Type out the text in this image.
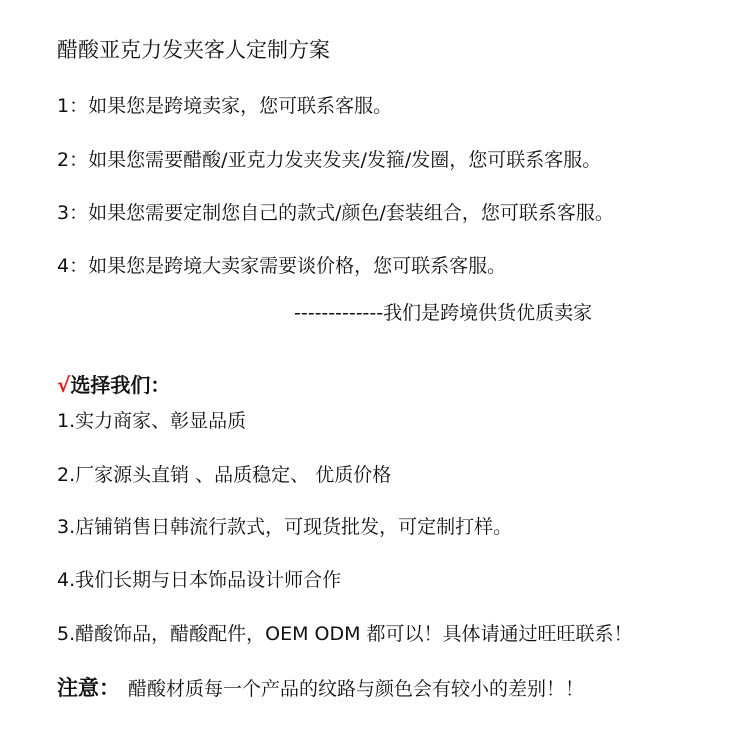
醋酸亚克力发夹客人定制方案
1：如果您是跨境卖家，您可联系客服。
2：如果您需要醋酸/亚克力发夹发夹/发箍/发圈，您可联系客服。
3：如果您需要定制您自己的款式/颜色/套装组合，您可联系客服。
4：如果您是跨境大卖家需要谈价格，您可联系客服。
-------------我们是跨境供货优质卖家
√选择我们：
1.实力商家、彰显品质
2.厂家源头直销 、品质稳定、 优质价格
3.店铺销售日韩流行款式，可现货批发，可定制打样。
4.我们长期与日本饰品设计师合作
5.醋酸饰品，醋酸配件，OEM ODM 都可以！具体请通过旺旺联系！
注意： 醋酸材质每一个产品的纹路与颜色会有较小的差别！！
